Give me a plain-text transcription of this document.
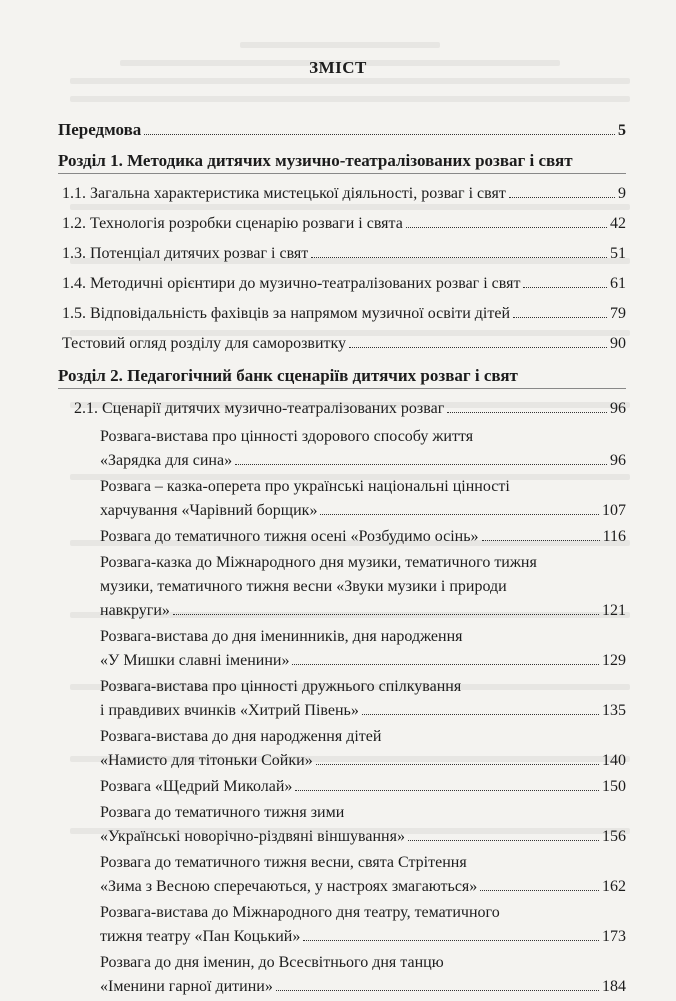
ЗМІСТ
Передмова	5
Розділ 1. Методика дитячих музично-театралізованих розваг і свят
1.1. Загальна характеристика мистецької діяльності, розваг і свят	9
1.2. Технологія розробки сценарію розваги і свята	42
1.3. Потенціал дитячих розваг і свят	51
1.4. Методичні орієнтири до музично-театралізованих розваг і свят	61
1.5. Відповідальність фахівців за напрямом музичної освіти дітей	79
Тестовий огляд розділу для саморозвитку	90
Розділ 2. Педагогічний банк сценаріїв дитячих розваг і свят
2.1. Сценарії дитячих музично-театралізованих розваг	96
Розвага-вистава про цінності здорового способу життя
«Зарядка для сина»	96
Розвага – казка-оперета про українські національні цінності
харчування «Чарівний борщик»	107
Розвага до тематичного тижня осені «Розбудимо осінь»	116
Розвага-казка до Міжнародного дня музики, тематичного тижня
музики, тематичного тижня весни «Звуки музики і природи
навкруги»	121
Розвага-вистава до дня іменинників, дня народження
«У Мишки славні іменини»	129
Розвага-вистава про цінності дружнього спілкування
і правдивих вчинків «Хитрий Півень»	135
Розвага-вистава до дня народження дітей
«Намисто для тітоньки Сойки»	140
Розвага «Щедрий Миколай»	150
Розвага до тематичного тижня зими
«Українські новорічно-різдвяні віншування»	156
Розвага до тематичного тижня весни, свята Стрітення
«Зима з Весною сперечаються, у настроях змагаються»	162
Розвага-вистава до Міжнародного дня театру, тематичного
тижня театру «Пан Коцький»	173
Розвага до дня іменин, до Всесвітнього дня танцю
«Іменини гарної дитини»	184
